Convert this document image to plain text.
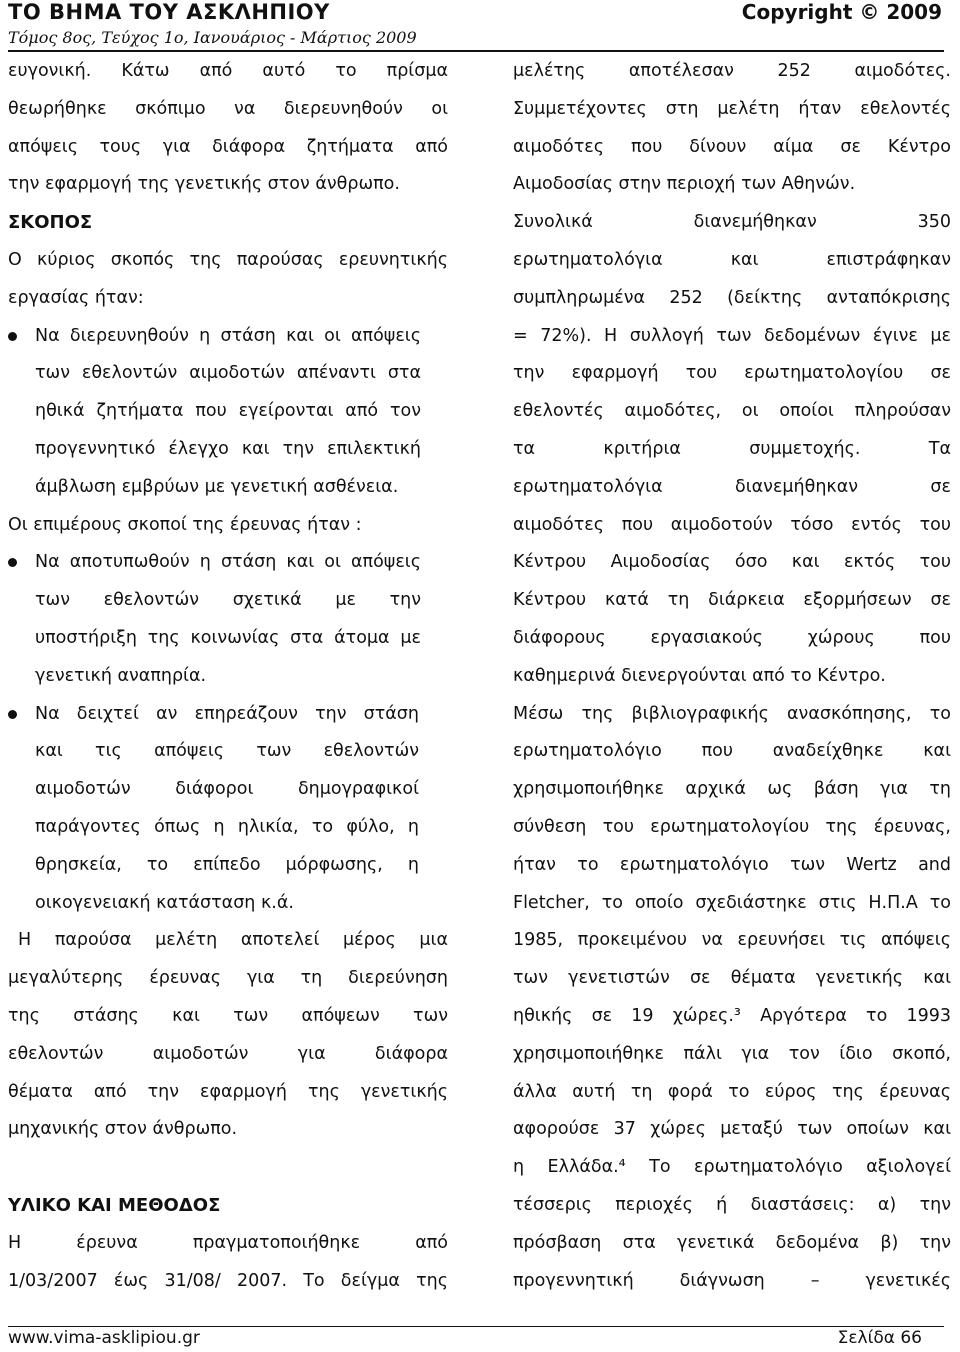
ΤΟ ΒΗΜΑ ΤΟΥ ΑΣΚΛΗΠΙΟΥ	Copyright © 2009
Τόμος 8ος, Τεύχος 1ο, Ιανουάριος - Μάρτιος 2009
ευγονική. Κάτω από αυτό το πρίσμα
θεωρήθηκε σκόπιμο να διερευνηθούν οι
απόψεις τους για διάφορα ζητήματα από
την εφαρμογή της γενετικής στον άνθρωπο.
ΣΚΟΠΟΣ
Ο κύριος σκοπός της παρούσας ερευνητικής
εργασίας ήταν:
Να διερευνηθούν η στάση και οι απόψεις
των εθελοντών αιμοδοτών απέναντι στα
ηθικά ζητήματα που εγείρονται από τον
προγεννητικό έλεγχο και την επιλεκτική
άμβλωση εμβρύων με γενετική ασθένεια.
Οι επιμέρους σκοποί της έρευνας ήταν :
Να αποτυπωθούν η στάση και οι απόψεις
των εθελοντών σχετικά με την
υποστήριξη της κοινωνίας στα άτομα με
γενετική αναπηρία.
Να δειχτεί αν επηρεάζουν την στάση
και τις απόψεις των εθελοντών
αιμοδοτών διάφοροι δημογραφικοί
παράγοντες όπως η ηλικία, το φύλο, η
θρησκεία, το επίπεδο μόρφωσης, η
οικογενειακή κατάσταση κ.ά.
Η παρούσα μελέτη αποτελεί μέρος μια
μεγαλύτερης έρευνας για τη διερεύνηση
της στάσης και των απόψεων των
εθελοντών αιμοδοτών για διάφορα
θέματα από την εφαρμογή της γενετικής
μηχανικής στον άνθρωπο.
ΥΛΙΚΟ ΚΑΙ ΜΕΘΟΔΟΣ
Η έρευνα πραγματοποιήθηκε από
1/03/2007 έως 31/08/ 2007. Το δείγμα της
μελέτης αποτέλεσαν 252 αιμοδότες.
Συμμετέχοντες στη μελέτη ήταν εθελοντές
αιμοδότες που δίνουν αίμα σε Κέντρο
Αιμοδοσίας στην περιοχή των Αθηνών.
Συνολικά διανεμήθηκαν 350
ερωτηματολόγια και επιστράφηκαν
συμπληρωμένα 252 (δείκτης ανταπόκρισης
= 72%). Η συλλογή των δεδομένων έγινε με
την εφαρμογή του ερωτηματολογίου σε
εθελοντές αιμοδότες, οι οποίοι πληρούσαν
τα κριτήρια συμμετοχής. Τα
ερωτηματολόγια διανεμήθηκαν σε
αιμοδότες που αιμοδοτούν τόσο εντός του
Κέντρου Αιμοδοσίας όσο και εκτός του
Κέντρου κατά τη διάρκεια εξορμήσεων σε
διάφορους εργασιακούς χώρους που
καθημερινά διενεργούνται από το Κέντρο.
Μέσω της βιβλιογραφικής ανασκόπησης, το
ερωτηματολόγιο που αναδείχθηκε και
χρησιμοποιήθηκε αρχικά ως βάση για τη
σύνθεση του ερωτηματολογίου της έρευνας,
ήταν το ερωτηματολόγιο των Wertz and
Fletcher, το οποίο σχεδιάστηκε στις Η.Π.Α το
1985, προκειμένου να ερευνήσει τις απόψεις
των γενετιστών σε θέματα γενετικής και
ηθικής σε 19 χώρες.³ Αργότερα το 1993
χρησιμοποιήθηκε πάλι για τον ίδιο σκοπό,
άλλα αυτή τη φορά το εύρος της έρευνας
αφορούσε 37 χώρες μεταξύ των οποίων και
η Ελλάδα.⁴ Το ερωτηματολόγιο αξιολογεί
τέσσερις περιοχές ή διαστάσεις: α) την
πρόσβαση στα γενετικά δεδομένα β) την
προγεννητική διάγνωση – γενετικές
www.vima-asklipiou.gr	Σελίδα 66
